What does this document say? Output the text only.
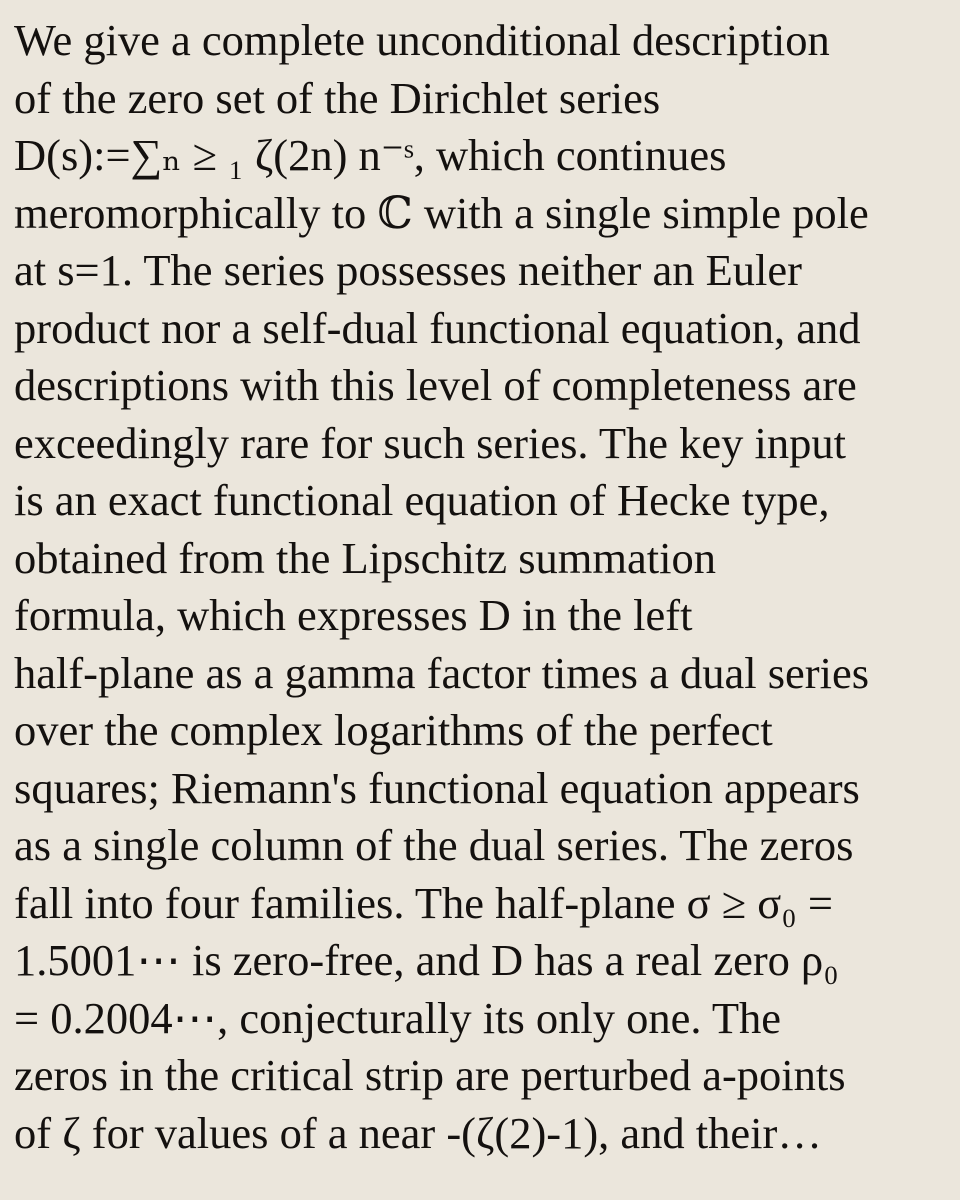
We give a complete unconditional description
of the zero set of the Dirichlet series
D(s):=∑ₙ ≥ ₁ ζ(2n) n⁻ˢ, which continues
meromorphically to ℂ with a single simple pole
at s=1. The series possesses neither an Euler
product nor a self-dual functional equation, and
descriptions with this level of completeness are
exceedingly rare for such series. The key input
is an exact functional equation of Hecke type,
obtained from the Lipschitz summation
formula, which expresses D in the left
half-plane as a gamma factor times a dual series
over the complex logarithms of the perfect
squares; Riemann's functional equation appears
as a single column of the dual series. The zeros
fall into four families. The half-plane σ ≥ σ₀ =
1.5001⋯ is zero-free, and D has a real zero ρ₀
= 0.2004⋯, conjecturally its only one. The
zeros in the critical strip are perturbed a-points
of ζ for values of a near -(ζ(2)-1), and their…
